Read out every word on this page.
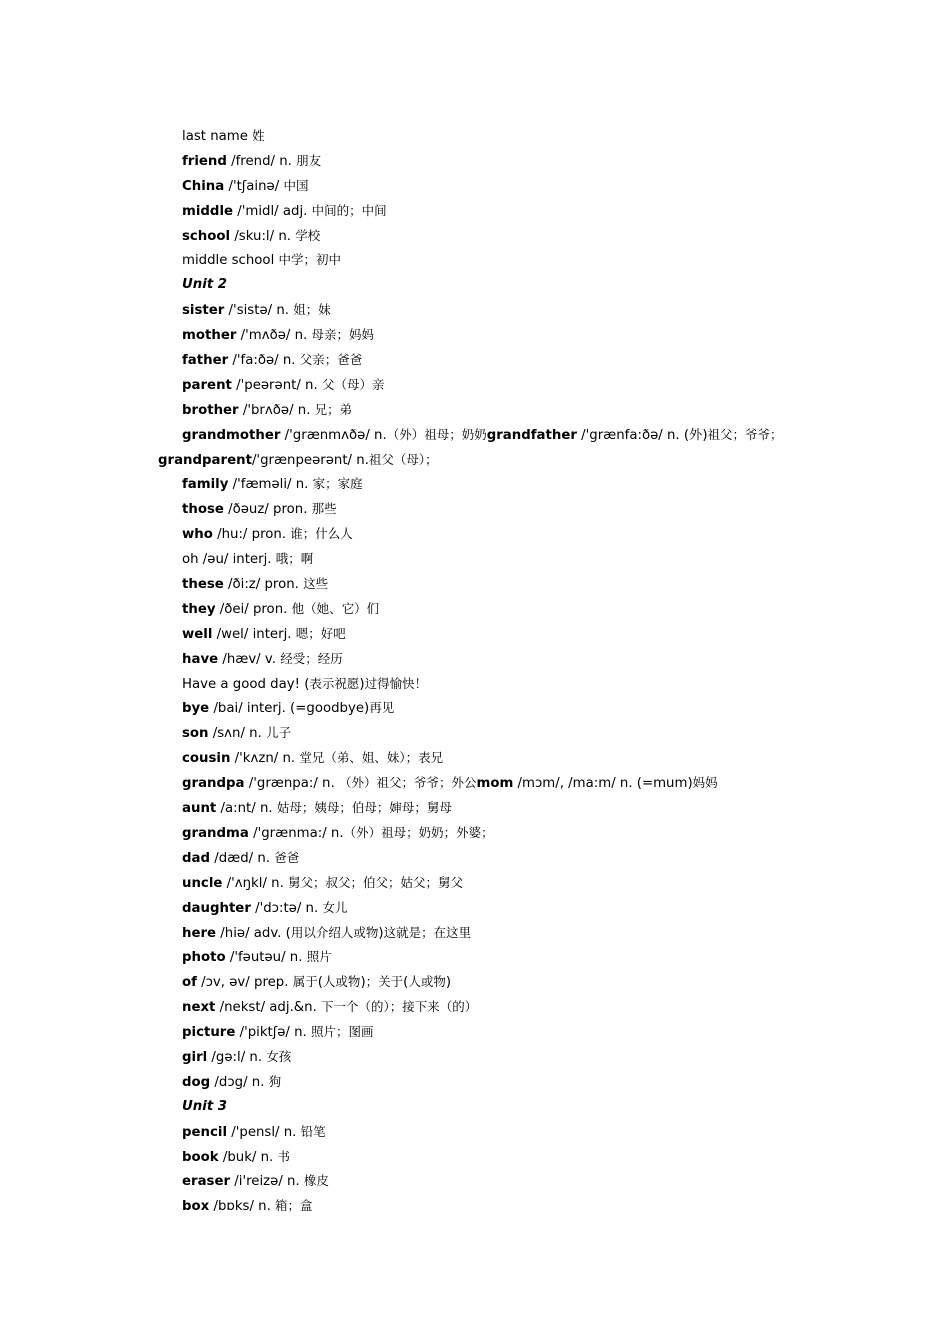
last name 姓
friend /frend/ n. 朋友
China /'tʃainə/ 中国
middle /'midl/ adj. 中间的；中间
school /sku:l/ n. 学校
middle school 中学；初中
Unit 2
sister /'sistə/ n. 姐；妹
mother /'mʌðə/ n. 母亲；妈妈
father /'fa:ðə/ n. 父亲；爸爸
parent /'peərənt/ n. 父（母）亲
brother /'brʌðə/ n. 兄；弟
grandmother /'grænmʌðə/ n.（外）祖母；奶奶grandfather /'grænfa:ðə/ n. (外)祖父；爷爷；
grandparent/'grænpeərənt/ n.祖父（母）；
family /'fæməli/ n. 家；家庭
those /ðəuz/ pron. 那些
who /hu:/ pron. 谁；什么人
oh /əu/ interj. 哦；啊
these /ði:z/ pron. 这些
they /ðei/ pron. 他（她、它）们
well /wel/ interj. 嗯；好吧
have /hæv/ v. 经受；经历
Have a good day! (表示祝愿)过得愉快！
bye /bai/ interj. (=goodbye)再见
son /sʌn/ n. 儿子
cousin /'kʌzn/ n. 堂兄（弟、姐、妹）；表兄
grandpa /'grænpa:/ n. （外）祖父；爷爷；外公mom /mɔm/, /ma:m/ n. (=mum)妈妈
aunt /a:nt/ n. 姑母；姨母；伯母；婶母；舅母
grandma /'grænma:/ n.（外）祖母；奶奶；外婆；
dad /dæd/ n. 爸爸
uncle /'ʌŋkl/ n. 舅父；叔父；伯父；姑父；舅父
daughter /'dɔ:tə/ n. 女儿
here /hiə/ adv. (用以介绍人或物)这就是；在这里
photo /'fəutəu/ n. 照片
of /ɔv, əv/ prep. 属于(人或物)；关于(人或物)
next /nekst/ adj.&n. 下一个（的）；接下来（的）
picture /'piktʃə/ n. 照片；图画
girl /gə:l/ n. 女孩
dog /dɔg/ n. 狗
Unit 3
pencil /'pensl/ n. 铅笔
book /buk/ n. 书
eraser /i'reizə/ n. 橡皮
box /bɒks/ n. 箱；盒
